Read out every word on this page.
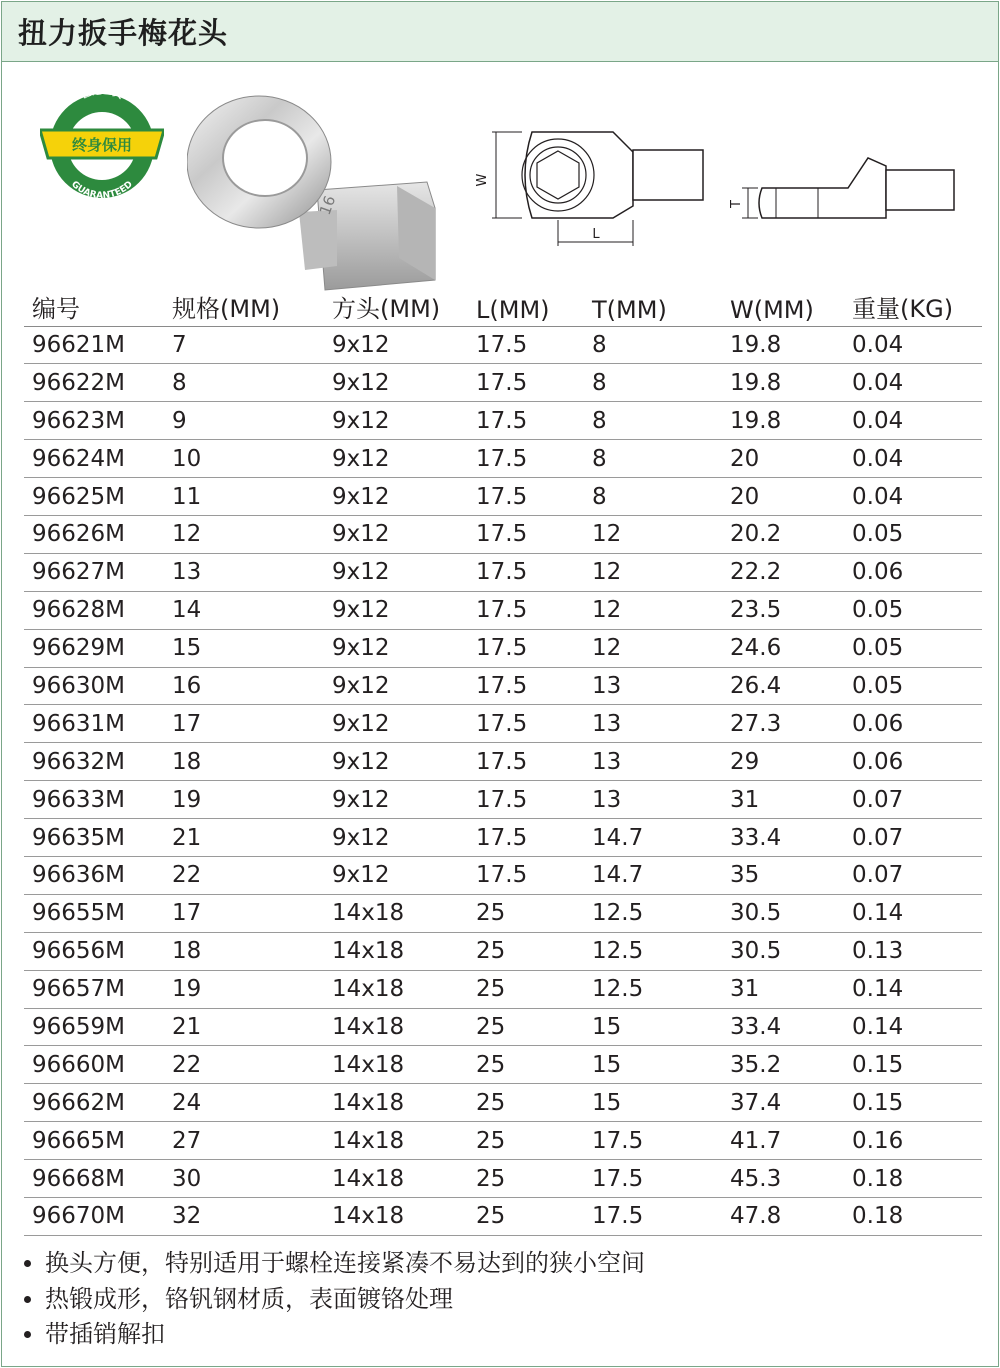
扭力扳手梅花头
世达工具
终身保用
GUARANTEED
16
W
L
T
编号	规格(MM)	方头(MM)	L(MM)	T(MM)	W(MM)	重量(KG)
96621M	7	9x12	17.5	8	19.8	0.04
96622M	8	9x12	17.5	8	19.8	0.04
96623M	9	9x12	17.5	8	19.8	0.04
96624M	10	9x12	17.5	8	20	0.04
96625M	11	9x12	17.5	8	20	0.04
96626M	12	9x12	17.5	12	20.2	0.05
96627M	13	9x12	17.5	12	22.2	0.06
96628M	14	9x12	17.5	12	23.5	0.05
96629M	15	9x12	17.5	12	24.6	0.05
96630M	16	9x12	17.5	13	26.4	0.05
96631M	17	9x12	17.5	13	27.3	0.06
96632M	18	9x12	17.5	13	29	0.06
96633M	19	9x12	17.5	13	31	0.07
96635M	21	9x12	17.5	14.7	33.4	0.07
96636M	22	9x12	17.5	14.7	35	0.07
96655M	17	14x18	25	12.5	30.5	0.14
96656M	18	14x18	25	12.5	30.5	0.13
96657M	19	14x18	25	12.5	31	0.14
96659M	21	14x18	25	15	33.4	0.14
96660M	22	14x18	25	15	35.2	0.15
96662M	24	14x18	25	15	37.4	0.15
96665M	27	14x18	25	17.5	41.7	0.16
96668M	30	14x18	25	17.5	45.3	0.18
96670M	32	14x18	25	17.5	47.8	0.18
换头方便，特别适用于螺栓连接紧凑不易达到的狭小空间
热锻成形，铬钒钢材质，表面镀铬处理
带插销解扣
